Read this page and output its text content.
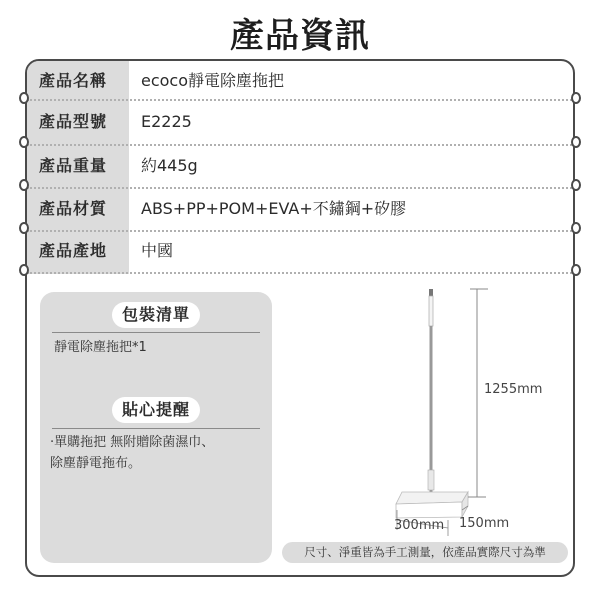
產品資訊
產品名稱 ecoco靜電除塵拖把
產品型號 E2225
產品重量 約445g
產品材質 ABS+PP+POM+EVA+不鏽鋼+矽膠
產品產地 中國
包裝清單
靜電除塵拖把*1
貼心提醒
·單購拖把 無附贈除菌濕巾、
除塵靜電拖布。
1255mm
300mm 150mm
尺寸、淨重皆為手工測量，依產品實際尺寸為準
